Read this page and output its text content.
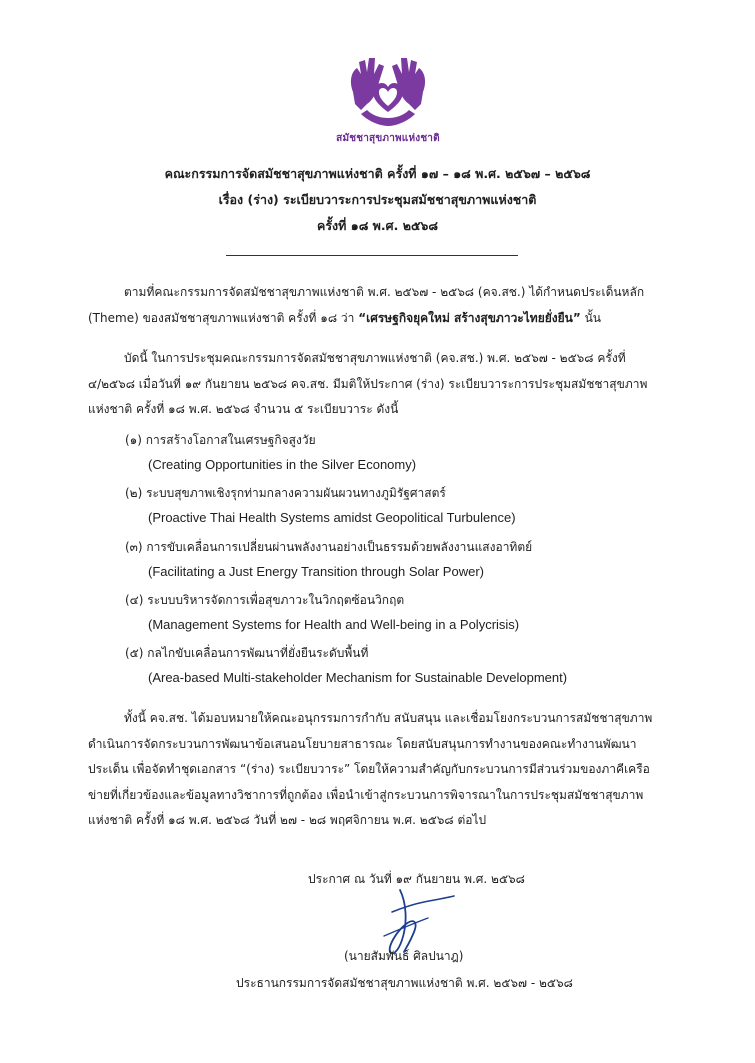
สมัชชาสุขภาพแห่งชาติ
คณะกรรมการจัดสมัชชาสุขภาพแห่งชาติ ครั้งที่ ๑๗ – ๑๘ พ.ศ. ๒๕๖๗ – ๒๕๖๘
เรื่อง (ร่าง) ระเบียบวาระการประชุมสมัชชาสุขภาพแห่งชาติ
ครั้งที่ ๑๘ พ.ศ. ๒๕๖๘
ตามที่คณะกรรมการจัดสมัชชาสุขภาพแห่งชาติ พ.ศ. ๒๕๖๗ - ๒๕๖๘ (คจ.สช.) ได้กำหนดประเด็นหลัก (Theme) ของสมัชชาสุขภาพแห่งชาติ ครั้งที่ ๑๘ ว่า “เศรษฐกิจยุคใหม่ สร้างสุขภาวะไทยยั่งยืน” นั้น
บัดนี้ ในการประชุมคณะกรรมการจัดสมัชชาสุขภาพแห่งชาติ (คจ.สช.) พ.ศ. ๒๕๖๗ - ๒๕๖๘ ครั้งที่ ๔/๒๕๖๘ เมื่อวันที่ ๑๙ กันยายน ๒๕๖๘ คจ.สช. มีมติให้ประกาศ (ร่าง) ระเบียบวาระการประชุมสมัชชาสุขภาพแห่งชาติ ครั้งที่ ๑๘ พ.ศ. ๒๕๖๘ จำนวน ๕ ระเบียบวาระ ดังนี้
(๑) การสร้างโอกาสในเศรษฐกิจสูงวัย
(Creating Opportunities in the Silver Economy)
(๒) ระบบสุขภาพเชิงรุกท่ามกลางความผันผวนทางภูมิรัฐศาสตร์
(Proactive Thai Health Systems amidst Geopolitical Turbulence)
(๓) การขับเคลื่อนการเปลี่ยนผ่านพลังงานอย่างเป็นธรรมด้วยพลังงานแสงอาทิตย์
(Facilitating a Just Energy Transition through Solar Power)
(๔) ระบบบริหารจัดการเพื่อสุขภาวะในวิกฤตซ้อนวิกฤต
(Management Systems for Health and Well-being in a Polycrisis)
(๕) กลไกขับเคลื่อนการพัฒนาที่ยั่งยืนระดับพื้นที่
(Area-based Multi-stakeholder Mechanism for Sustainable Development)
ทั้งนี้ คจ.สช. ได้มอบหมายให้คณะอนุกรรมการกำกับ สนับสนุน และเชื่อมโยงกระบวนการสมัชชาสุขภาพ ดำเนินการจัดกระบวนการพัฒนาข้อเสนอนโยบายสาธารณะ โดยสนับสนุนการทำงานของคณะทำงานพัฒนาประเด็น เพื่อจัดทำชุดเอกสาร “(ร่าง) ระเบียบวาระ” โดยให้ความสำคัญกับกระบวนการมีส่วนร่วมของภาคีเครือข่ายที่เกี่ยวข้องและข้อมูลทางวิชาการที่ถูกต้อง เพื่อนำเข้าสู่กระบวนการพิจารณาในการประชุมสมัชชาสุขภาพแห่งชาติ ครั้งที่ ๑๘ พ.ศ. ๒๕๖๘ วันที่ ๒๗ - ๒๘ พฤศจิกายน พ.ศ. ๒๕๖๘ ต่อไป
ประกาศ ณ วันที่ ๑๙ กันยายน พ.ศ. ๒๕๖๘
(นายสัมพันธ์ ศิลปนาฎ)
ประธานกรรมการจัดสมัชชาสุขภาพแห่งชาติ พ.ศ. ๒๕๖๗ - ๒๕๖๘
